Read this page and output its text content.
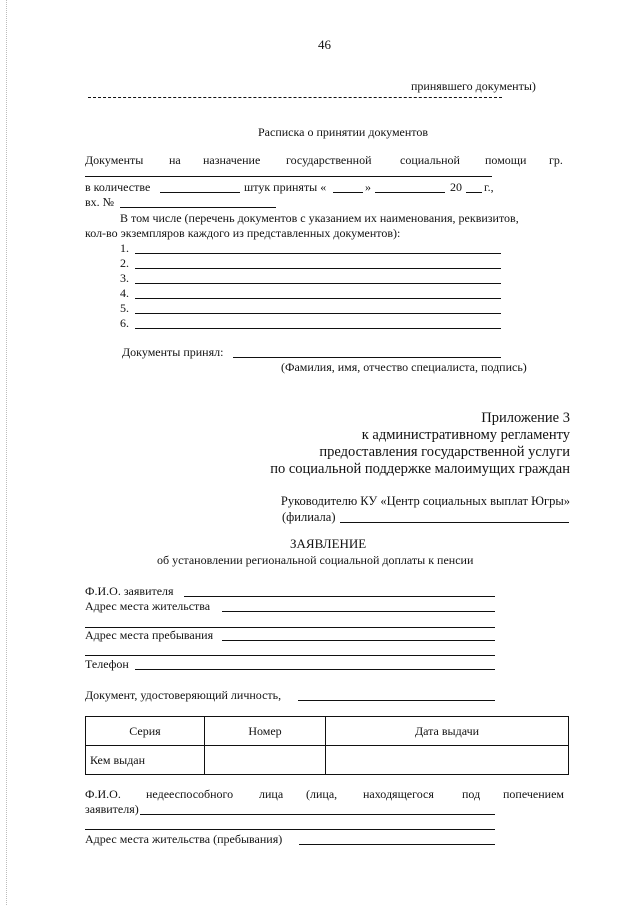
46
принявшего документы)
Расписка о принятии документов
Документы на назначение государственной социальной помощи гр.
в количестве	штук приняты «	»	20 г.,
вх. №
В том числе (перечень документов с указанием их наименования, реквизитов,
кол-во экземпляров каждого из представленных документов):
1.
2.
3.
4.
5.
6.
Документы принял:
(Фамилия, имя, отчество специалиста, подпись)
Приложение 3
к административному регламенту
предоставления государственной услуги
по социальной поддержке малоимущих граждан
Руководителю КУ «Центр социальных выплат Югры»
(филиала)
ЗАЯВЛЕНИЕ
об установлении региональной социальной доплаты к пенсии
Ф.И.О. заявителя
Адрес места жительства
Адрес места пребывания
Телефон
Документ, удостоверяющий личность,
Серия	Номер	Дата выдачи
Кем выдан		
Ф.И.О. недееспособного лица (лица, находящегося под попечением
заявителя)
Адрес места жительства (пребывания)
